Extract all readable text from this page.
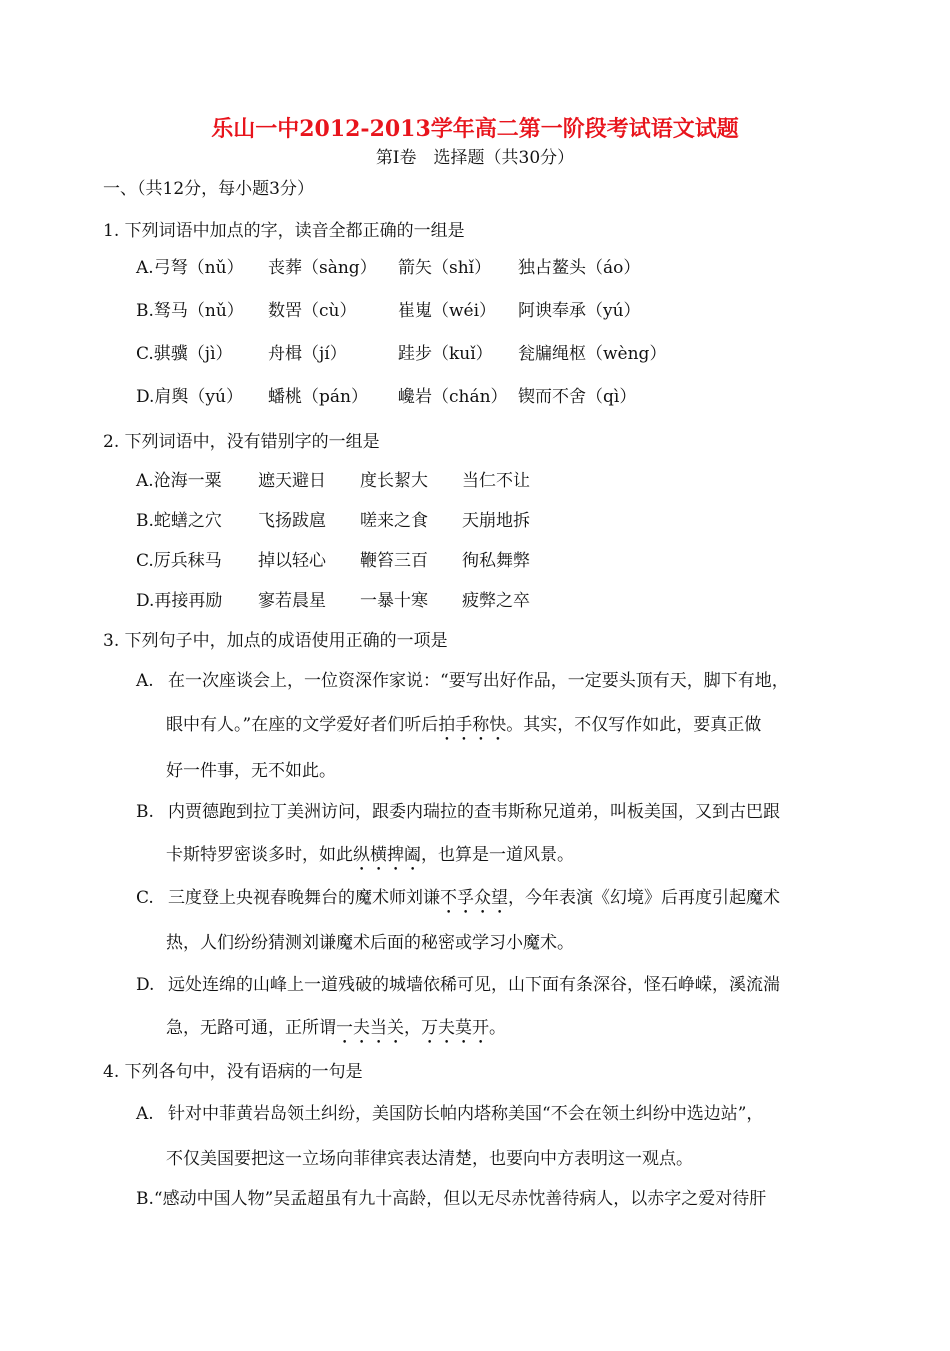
乐山一中2012-2013学年高二第一阶段考试语文试题
第Ⅰ卷　选择题（共30分）
一、（共12分，每小题3分）
1. 下列词语中加点的字，读音全都正确的一组是
A.弓弩（nǔ） 丧葬（sàng） 箭矢（shǐ） 独占鳌头（áo）
B.驽马（nǔ） 数罟（cù） 崔嵬（wéi） 阿谀奉承（yú）
C.骐骥（jì） 舟楫（jí）	跬步（kuǐ） 瓮牖绳枢（wèng）
D.肩舆（yú） 蟠桃（pán） 巉岩（chán） 锲而不舍（qì）
2. 下列词语中，没有错别字的一组是
A.沧海一粟 遮天避日 度长絜大 当仁不让
B.蛇蟮之穴 飞扬跋扈 嗟来之食 天崩地拆
C.厉兵秣马 掉以轻心 鞭笞三百 徇私舞弊
D.再接再励 寥若晨星 一暴十寒 疲弊之卒
3. 下列句子中，加点的成语使用正确的一项是
A. 在一次座谈会上，一位资深作家说：“要写出好作品，一定要头顶有天，脚下有地，
眼中有人。”在座的文学爱好者们听后拍手称快。其实，不仅写作如此，要真正做
好一件事，无不如此。
B. 内贾德跑到拉丁美洲访问，跟委内瑞拉的查韦斯称兄道弟，叫板美国，又到古巴跟
卡斯特罗密谈多时，如此纵横捭阖，也算是一道风景。
C. 三度登上央视春晚舞台的魔术师刘谦不孚众望，今年表演《幻境》后再度引起魔术
热，人们纷纷猜测刘谦魔术后面的秘密或学习小魔术。
D. 远处连绵的山峰上一道残破的城墙依稀可见，山下面有条深谷，怪石峥嵘，溪流湍
急，无路可通，正所谓一夫当关，万夫莫开。
4. 下列各句中，没有语病的一句是
A. 针对中菲黄岩岛领土纠纷，美国防长帕内塔称美国“不会在领土纠纷中选边站”，
不仅美国要把这一立场向菲律宾表达清楚，也要向中方表明这一观点。
B.“感动中国人物”吴孟超虽有九十高龄，但以无尽赤忱善待病人，以赤字之爱对待肝
